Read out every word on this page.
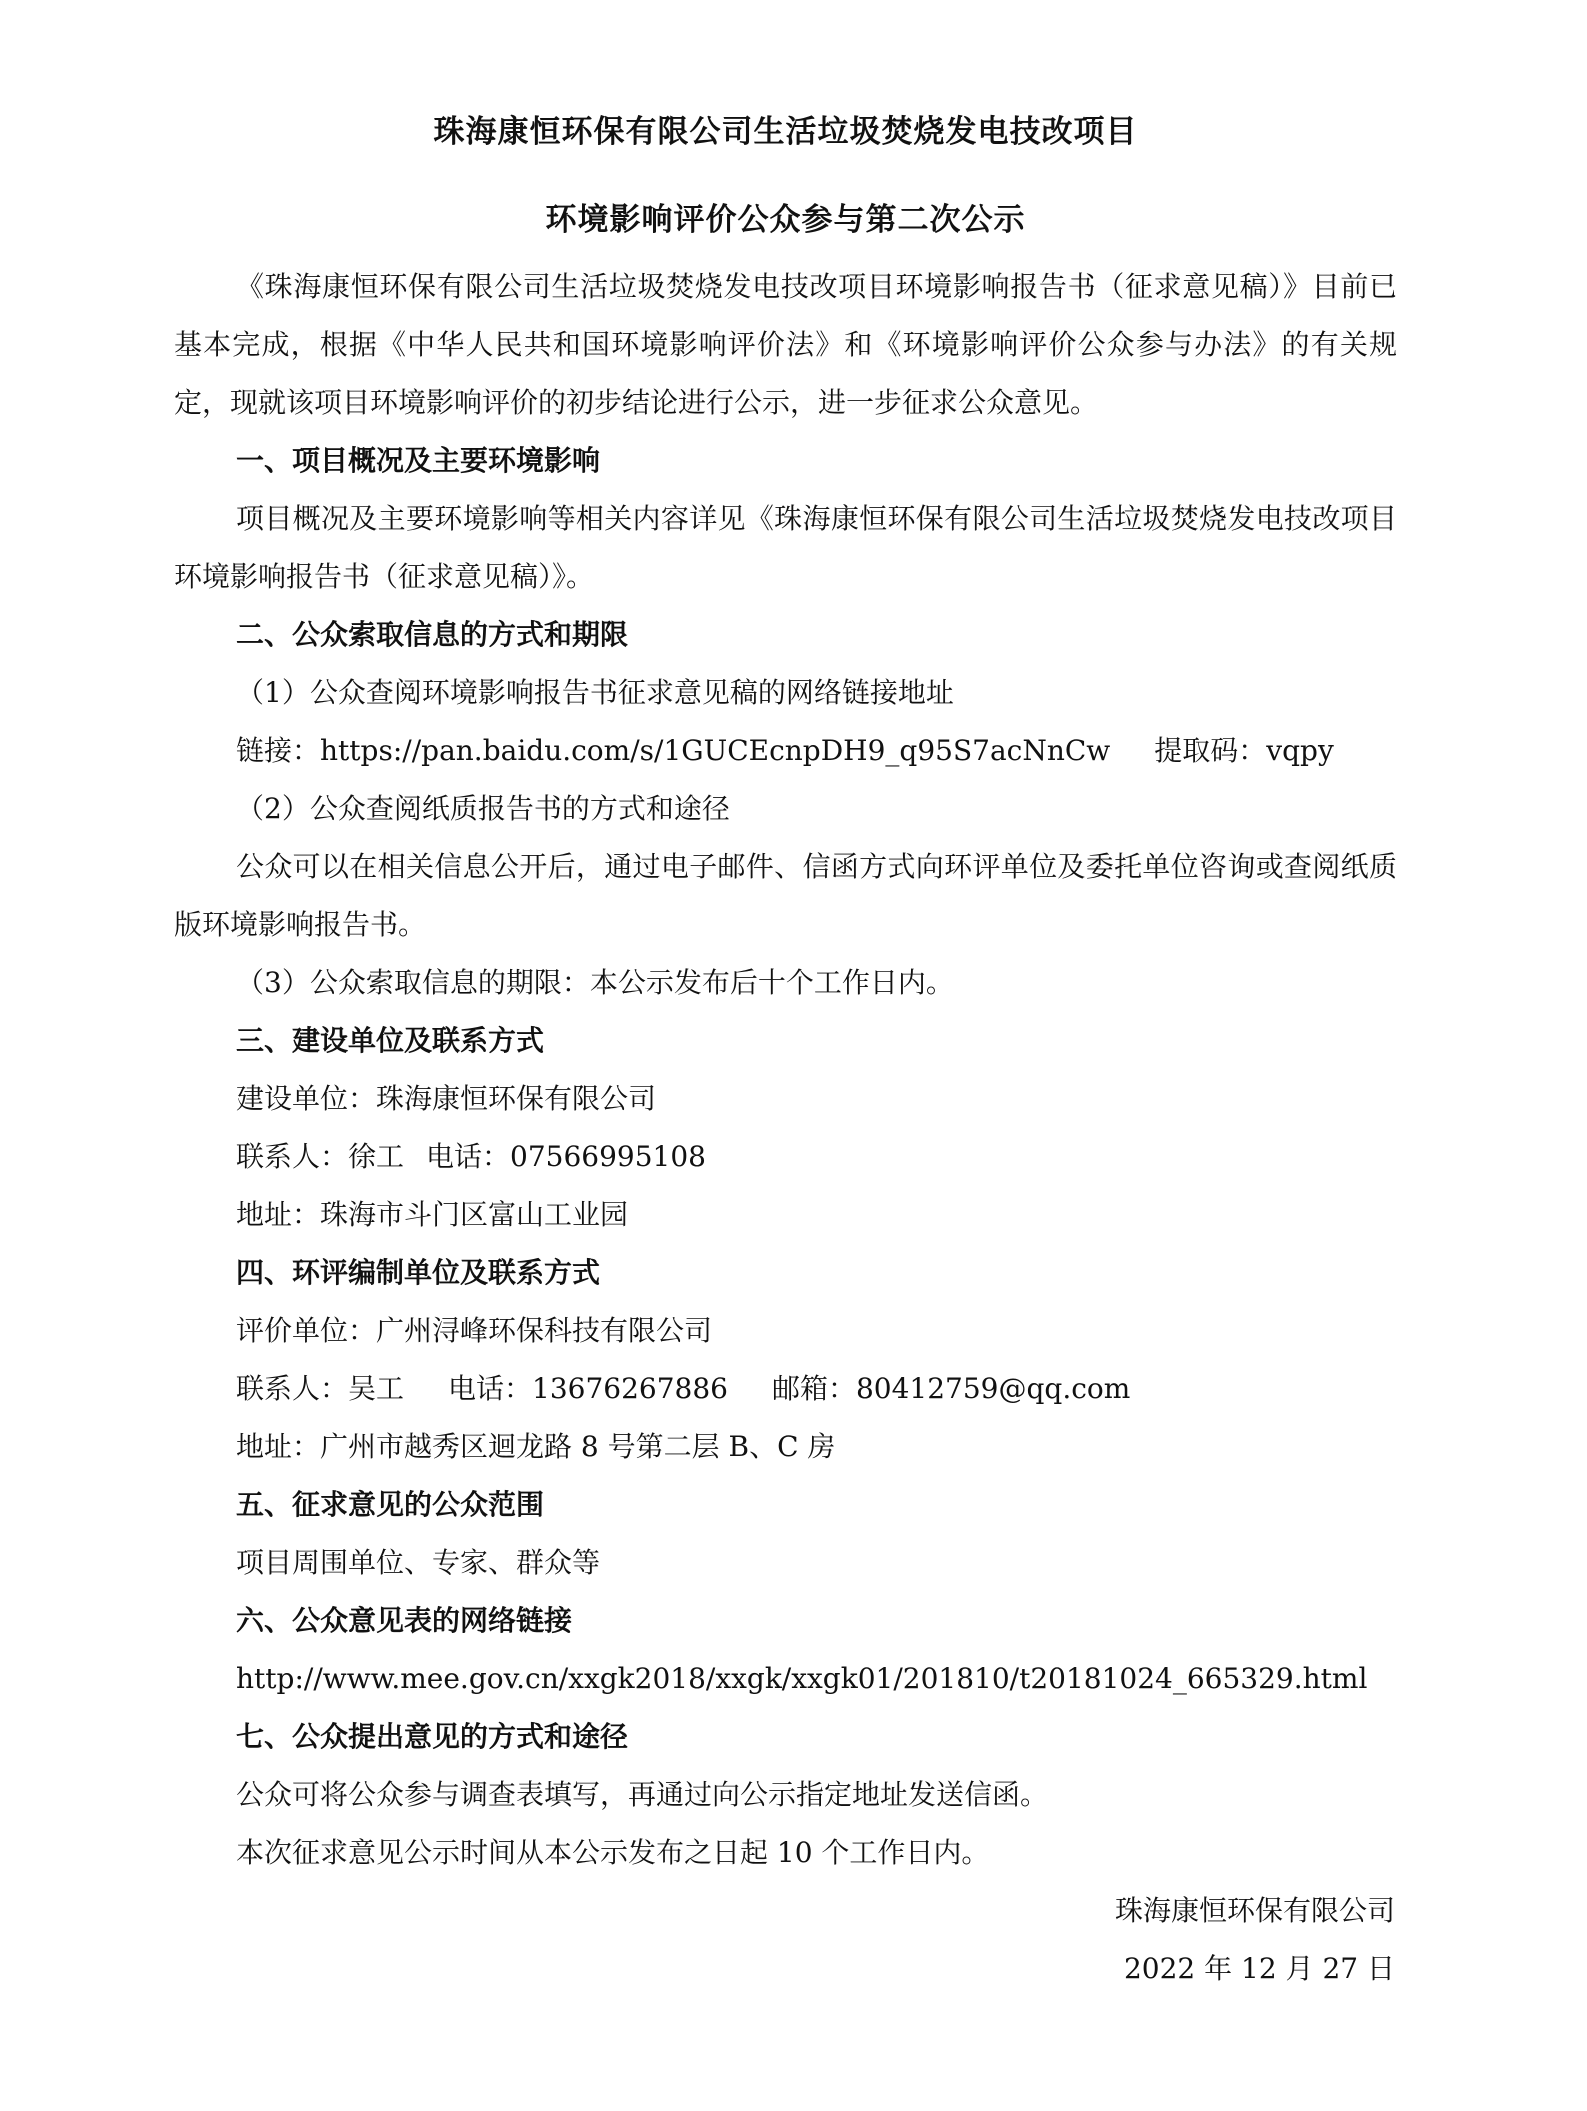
珠海康恒环保有限公司生活垃圾焚烧发电技改项目
环境影响评价公众参与第二次公示

《珠海康恒环保有限公司生活垃圾焚烧发电技改项目环境影响报告书（征求意见稿）》目前已基本完成，根据《中华人民共和国环境影响评价法》和《环境影响评价公众参与办法》的有关规定，现就该项目环境影响评价的初步结论进行公示，进一步征求公众意见。

一、项目概况及主要环境影响

项目概况及主要环境影响等相关内容详见《珠海康恒环保有限公司生活垃圾焚烧发电技改项目环境影响报告书（征求意见稿）》。

二、公众索取信息的方式和期限

（1）公众查阅环境影响报告书征求意见稿的网络链接地址

链接：https://pan.baidu.com/s/1GUCEcnpDH9_q95S7acNnCw 提取码：vqpy

（2）公众查阅纸质报告书的方式和途径

公众可以在相关信息公开后，通过电子邮件、信函方式向环评单位及委托单位咨询或查阅纸质版环境影响报告书。

（3）公众索取信息的期限：本公示发布后十个工作日内。

三、建设单位及联系方式

建设单位：珠海康恒环保有限公司

联系人：徐工 电话：07566995108

地址：珠海市斗门区富山工业园

四、环评编制单位及联系方式

评价单位：广州浔峰环保科技有限公司

联系人：吴工 电话：13676267886 邮箱：80412759@qq.com

地址：广州市越秀区迴龙路 8 号第二层 B、C 房

五、征求意见的公众范围

项目周围单位、专家、群众等

六、公众意见表的网络链接

http://www.mee.gov.cn/xxgk2018/xxgk/xxgk01/201810/t20181024_665329.html

七、公众提出意见的方式和途径

公众可将公众参与调查表填写，再通过向公示指定地址发送信函。

本次征求意见公示时间从本公示发布之日起 10 个工作日内。

珠海康恒环保有限公司

2022 年 12 月 27 日
